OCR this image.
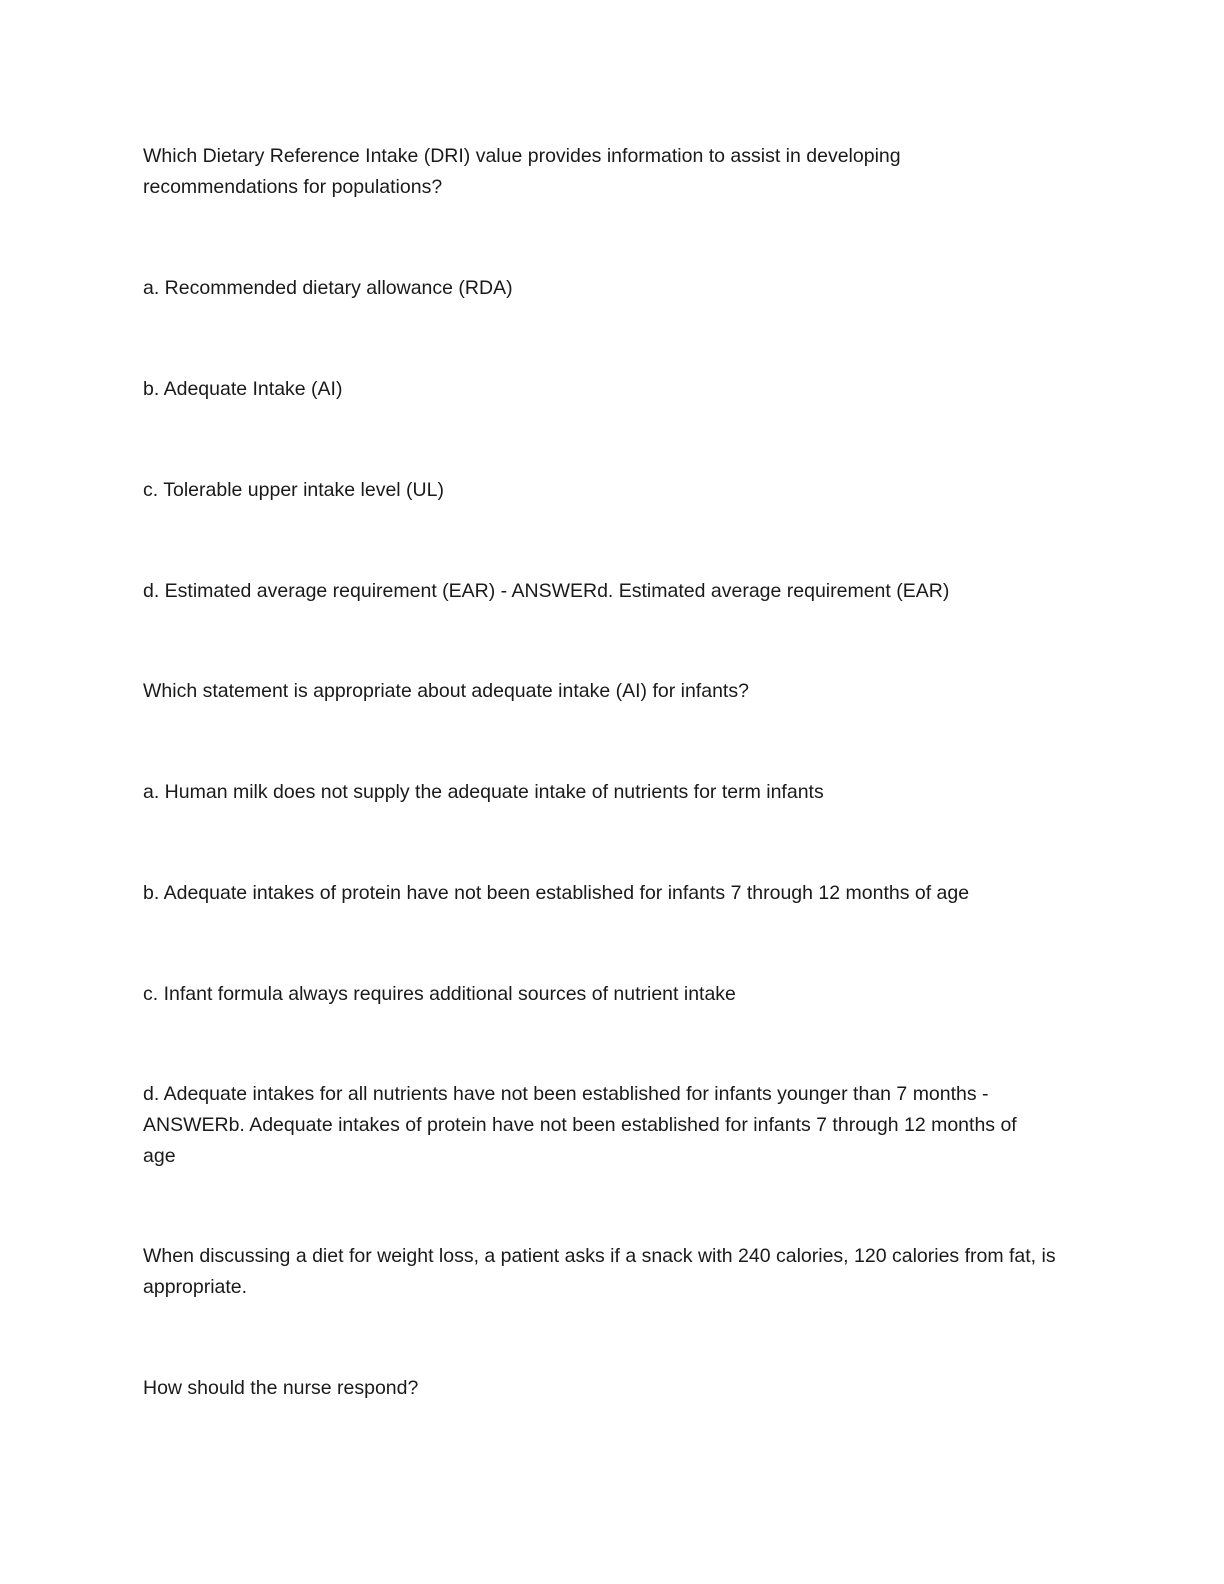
Which Dietary Reference Intake (DRI) value provides information to assist in developing
recommendations for populations?

a. Recommended dietary allowance (RDA)

b. Adequate Intake (AI)

c. Tolerable upper intake level (UL)

d. Estimated average requirement (EAR) - ANSWERd. Estimated average requirement (EAR)

Which statement is appropriate about adequate intake (AI) for infants?

a. Human milk does not supply the adequate intake of nutrients for term infants

b. Adequate intakes of protein have not been established for infants 7 through 12 months of age

c. Infant formula always requires additional sources of nutrient intake

d. Adequate intakes for all nutrients have not been established for infants younger than 7 months -
ANSWERb. Adequate intakes of protein have not been established for infants 7 through 12 months of
age

When discussing a diet for weight loss, a patient asks if a snack with 240 calories, 120 calories from fat, is
appropriate.

How should the nurse respond?
